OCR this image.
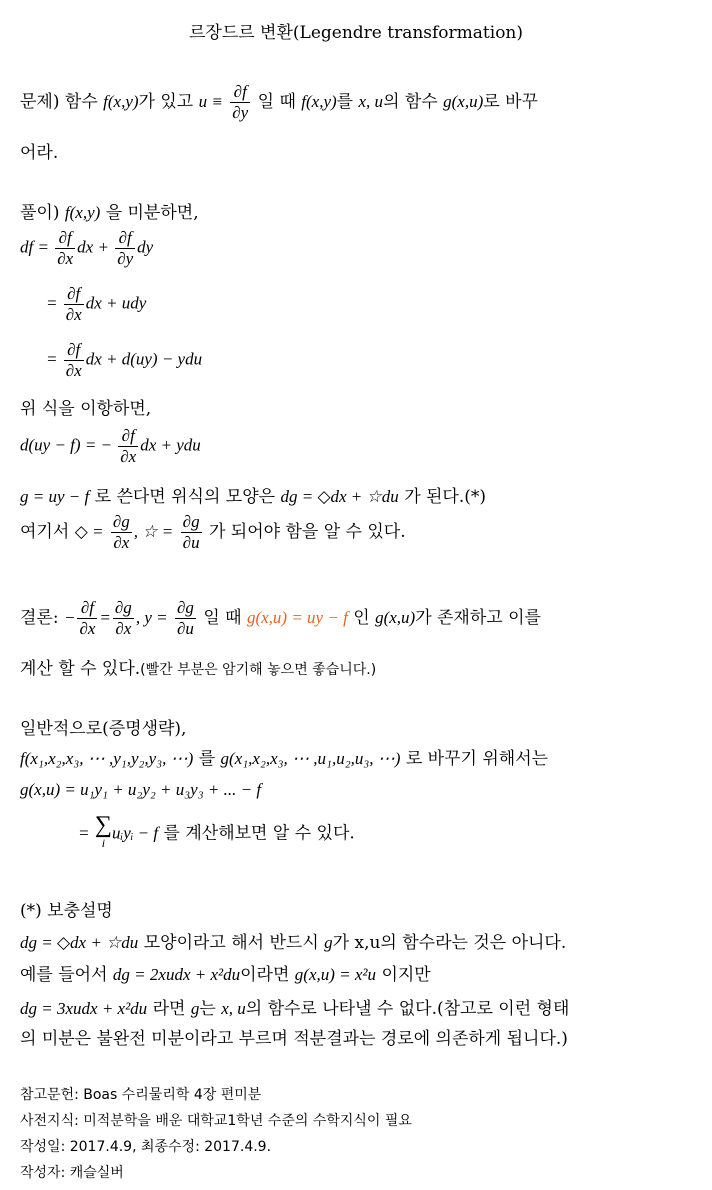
르장드르 변환(Legendre transformation)
문제) 함수 f(x,y)가 있고 $u \equiv \frac{\partial f}{\partial y}$ 일 때 f(x,y)를 x, u의 함수 g(x,u)로 바꾸
어라.
풀이) f(x,y) 을 미분하면,
df = $\frac{\partial f}{\partial x}$ dx + $\frac{\partial f}{\partial y}$ dy
= $\frac{\partial f}{\partial x}$ dx + udy
= $\frac{\partial f}{\partial x}$ dx + d(uy) − ydu
위 식을 이항하면,
d(uy − f) = − $\frac{\partial f}{\partial x}$ dx + ydu
g = uy − f 로 쓴다면 위식의 모양은 dg = ◇dx + ☆du 가 된다.(*)
여기서 ◇ = $\frac{\partial g}{\partial x}$ , ☆ = $\frac{\partial g}{\partial u}$ 가 되어야 함을 알 수 있다.
결론: − $\frac{\partial f}{\partial x} = \frac{\partial g}{\partial x}$ , $y = \frac{\partial g}{\partial u}$ 일 때 g(x,u) = uy − f 인 g(x,u)가 존재하고 이를
계산 할 수 있다.(빨간 부분은 암기해 놓으면 좋습니다.)
일반적으로(증명생략),
f(x₁,x₂,x₃, ⋯ ,y₁,y₂,y₃, ⋯) 를 g(x₁,x₂,x₃, ⋯ ,u₁,u₂,u₃, ⋯) 로 바꾸기 위해서는
g(x,u) = u₁y₁ + u₂y₂ + u₃y₃ + ... − f
= ∑
i
uᵢyᵢ − f 를 계산해보면 알 수 있다.
(*) 보충설명
dg = ◇dx + ☆du 모양이라고 해서 반드시 g가 x,u의 함수라는 것은 아니다.
예를 들어서 dg = 2xudx + x²du이라면 g(x,u) = x²u 이지만
dg = 3xudx + x²du 라면 g는 x, u의 함수로 나타낼 수 없다.(참고로 이런 형태
의 미분은 불완전 미분이라고 부르며 적분결과는 경로에 의존하게 됩니다.)
참고문헌: Boas 수리물리학 4장 편미분
사전지식: 미적분학을 배운 대학교1학년 수준의 수학지식이 필요
작성일: 2017.4.9, 최종수정: 2017.4.9.
작성자: 캐슬실버
